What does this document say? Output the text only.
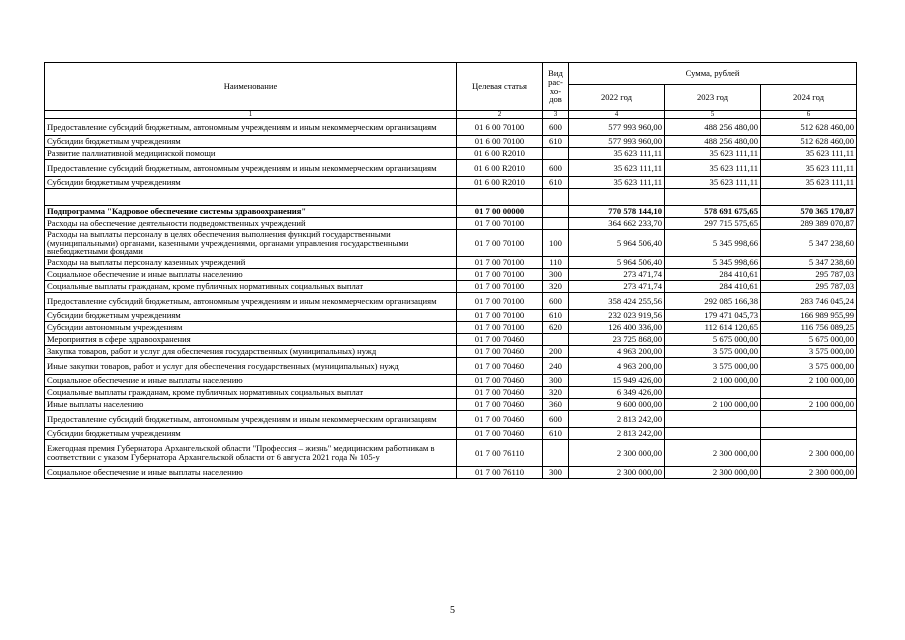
Наименование	Целевая статья	Вид рас-хо-дов	Сумма, рублей		
			2022 год	2023 год	2024 год
1	2	3	4	5	6
Предоставление субсидий бюджетным, автономным учреждениям и иным некоммерческим организациям	01 6 00 70100	600	577 993 960,00	488 256 480,00	512 628 460,00
Субсидии бюджетным учреждениям	01 6 00 70100	610	577 993 960,00	488 256 480,00	512 628 460,00
Развитие паллиативной медицинской помощи	01 6 00 R2010		35 623 111,11	35 623 111,11	35 623 111,11
Предоставление субсидий бюджетным, автономным учреждениям и иным некоммерческим организациям	01 6 00 R2010	600	35 623 111,11	35 623 111,11	35 623 111,11
Субсидии бюджетным учреждениям	01 6 00 R2010	610	35 623 111,11	35 623 111,11	35 623 111,11

Подпрограмма "Кадровое обеспечение системы здравоохранения"	01 7 00 00000		770 578 144,10	578 691 675,65	570 365 170,87
Расходы на обеспечение деятельности подведомственных учреждений	01 7 00 70100		364 662 233,70	297 715 575,65	289 389 070,87
Расходы на выплаты персоналу в целях обеспечения выполнения функций государственными (муниципальными) органами, казенными учреждениями, органами управления государственными внебюджетными фондами	01 7 00 70100	100	5 964 506,40	5 345 998,66	5 347 238,60
Расходы на выплаты персоналу казенных учреждений	01 7 00 70100	110	5 964 506,40	5 345 998,66	5 347 238,60
Социальное обеспечение и иные выплаты населению	01 7 00 70100	300	273 471,74	284 410,61	295 787,03
Социальные выплаты гражданам, кроме публичных нормативных социальных выплат	01 7 00 70100	320	273 471,74	284 410,61	295 787,03
Предоставление субсидий бюджетным, автономным учреждениям и иным некоммерческим организациям	01 7 00 70100	600	358 424 255,56	292 085 166,38	283 746 045,24
Субсидии бюджетным учреждениям	01 7 00 70100	610	232 023 919,56	179 471 045,73	166 989 955,99
Субсидии автономным учреждениям	01 7 00 70100	620	126 400 336,00	112 614 120,65	116 756 089,25
Мероприятия в сфере здравоохранения	01 7 00 70460		23 725 868,00	5 675 000,00	5 675 000,00
Закупка товаров, работ и услуг для обеспечения государственных (муниципальных) нужд	01 7 00 70460	200	4 963 200,00	3 575 000,00	3 575 000,00
Иные закупки товаров, работ и услуг для обеспечения государственных (муниципальных) нужд	01 7 00 70460	240	4 963 200,00	3 575 000,00	3 575 000,00
Социальное обеспечение и иные выплаты населению	01 7 00 70460	300	15 949 426,00	2 100 000,00	2 100 000,00
Социальные выплаты гражданам, кроме публичных нормативных социальных выплат	01 7 00 70460	320	6 349 426,00		
Иные выплаты населению	01 7 00 70460	360	9 600 000,00	2 100 000,00	2 100 000,00
Предоставление субсидий бюджетным, автономным учреждениям и иным некоммерческим организациям	01 7 00 70460	600	2 813 242,00		
Субсидии бюджетным учреждениям	01 7 00 70460	610	2 813 242,00		
Ежегодная премия Губернатора Архангельской области "Профессия – жизнь" медицинским работникам в соответствии с указом Губернатора Архангельской области от 6 августа 2021 года № 105-у	01 7 00 76110		2 300 000,00	2 300 000,00	2 300 000,00
Социальное обеспечение и иные выплаты населению	01 7 00 76110	300	2 300 000,00	2 300 000,00	2 300 000,00
5
